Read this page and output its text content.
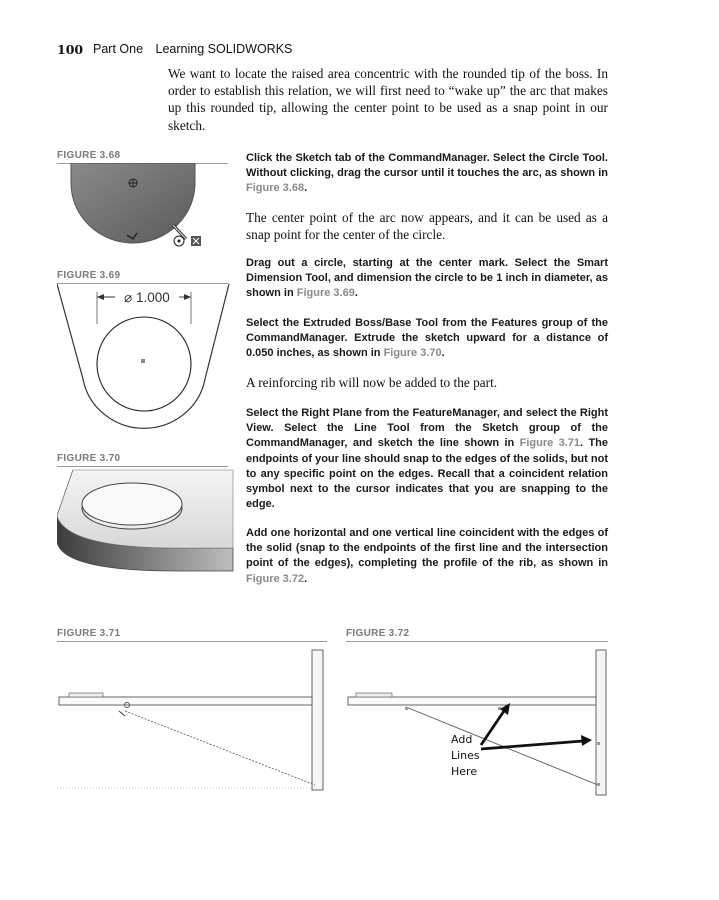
100 Part One Learning SOLIDWORKS
We want to locate the raised area concentric with the rounded tip of the boss. In order to establish this relation, we will first need to “wake up” the arc that makes up this rounded tip, allowing the center point to be used as a snap point in our sketch.
FIGURE 3.68
FIGURE 3.69
FIGURE 3.70
FIGURE 3.71	FIGURE 3.72
Click the Sketch tab of the CommandManager. Select the Circle Tool. Without clicking, drag the cursor until it touches the arc, as shown in Figure 3.68.
The center point of the arc now appears, and it can be used as a snap point for the center of the circle.
Drag out a circle, starting at the center mark. Select the Smart Dimension Tool, and dimension the circle to be 1 inch in diameter, as shown in Figure 3.69.
Select the Extruded Boss/Base Tool from the Features group of the CommandManager. Extrude the sketch upward for a distance of 0.050 inches, as shown in Figure 3.70.
A reinforcing rib will now be added to the part.
Select the Right Plane from the FeatureManager, and select the Right View. Select the Line Tool from the Sketch group of the CommandManager, and sketch the line shown in Figure 3.71. The endpoints of your line should snap to the edges of the solids, but not to any specific point on the edges. Recall that a coincident relation symbol next to the cursor indicates that you are snapping to the edge.
Add one horizontal and one vertical line coincident with the edges of the solid (snap to the endpoints of the first line and the intersection point of the edges), completing the profile of the rib, as shown in Figure 3.72.
⌀ 1.000
Add
Lines
Here
